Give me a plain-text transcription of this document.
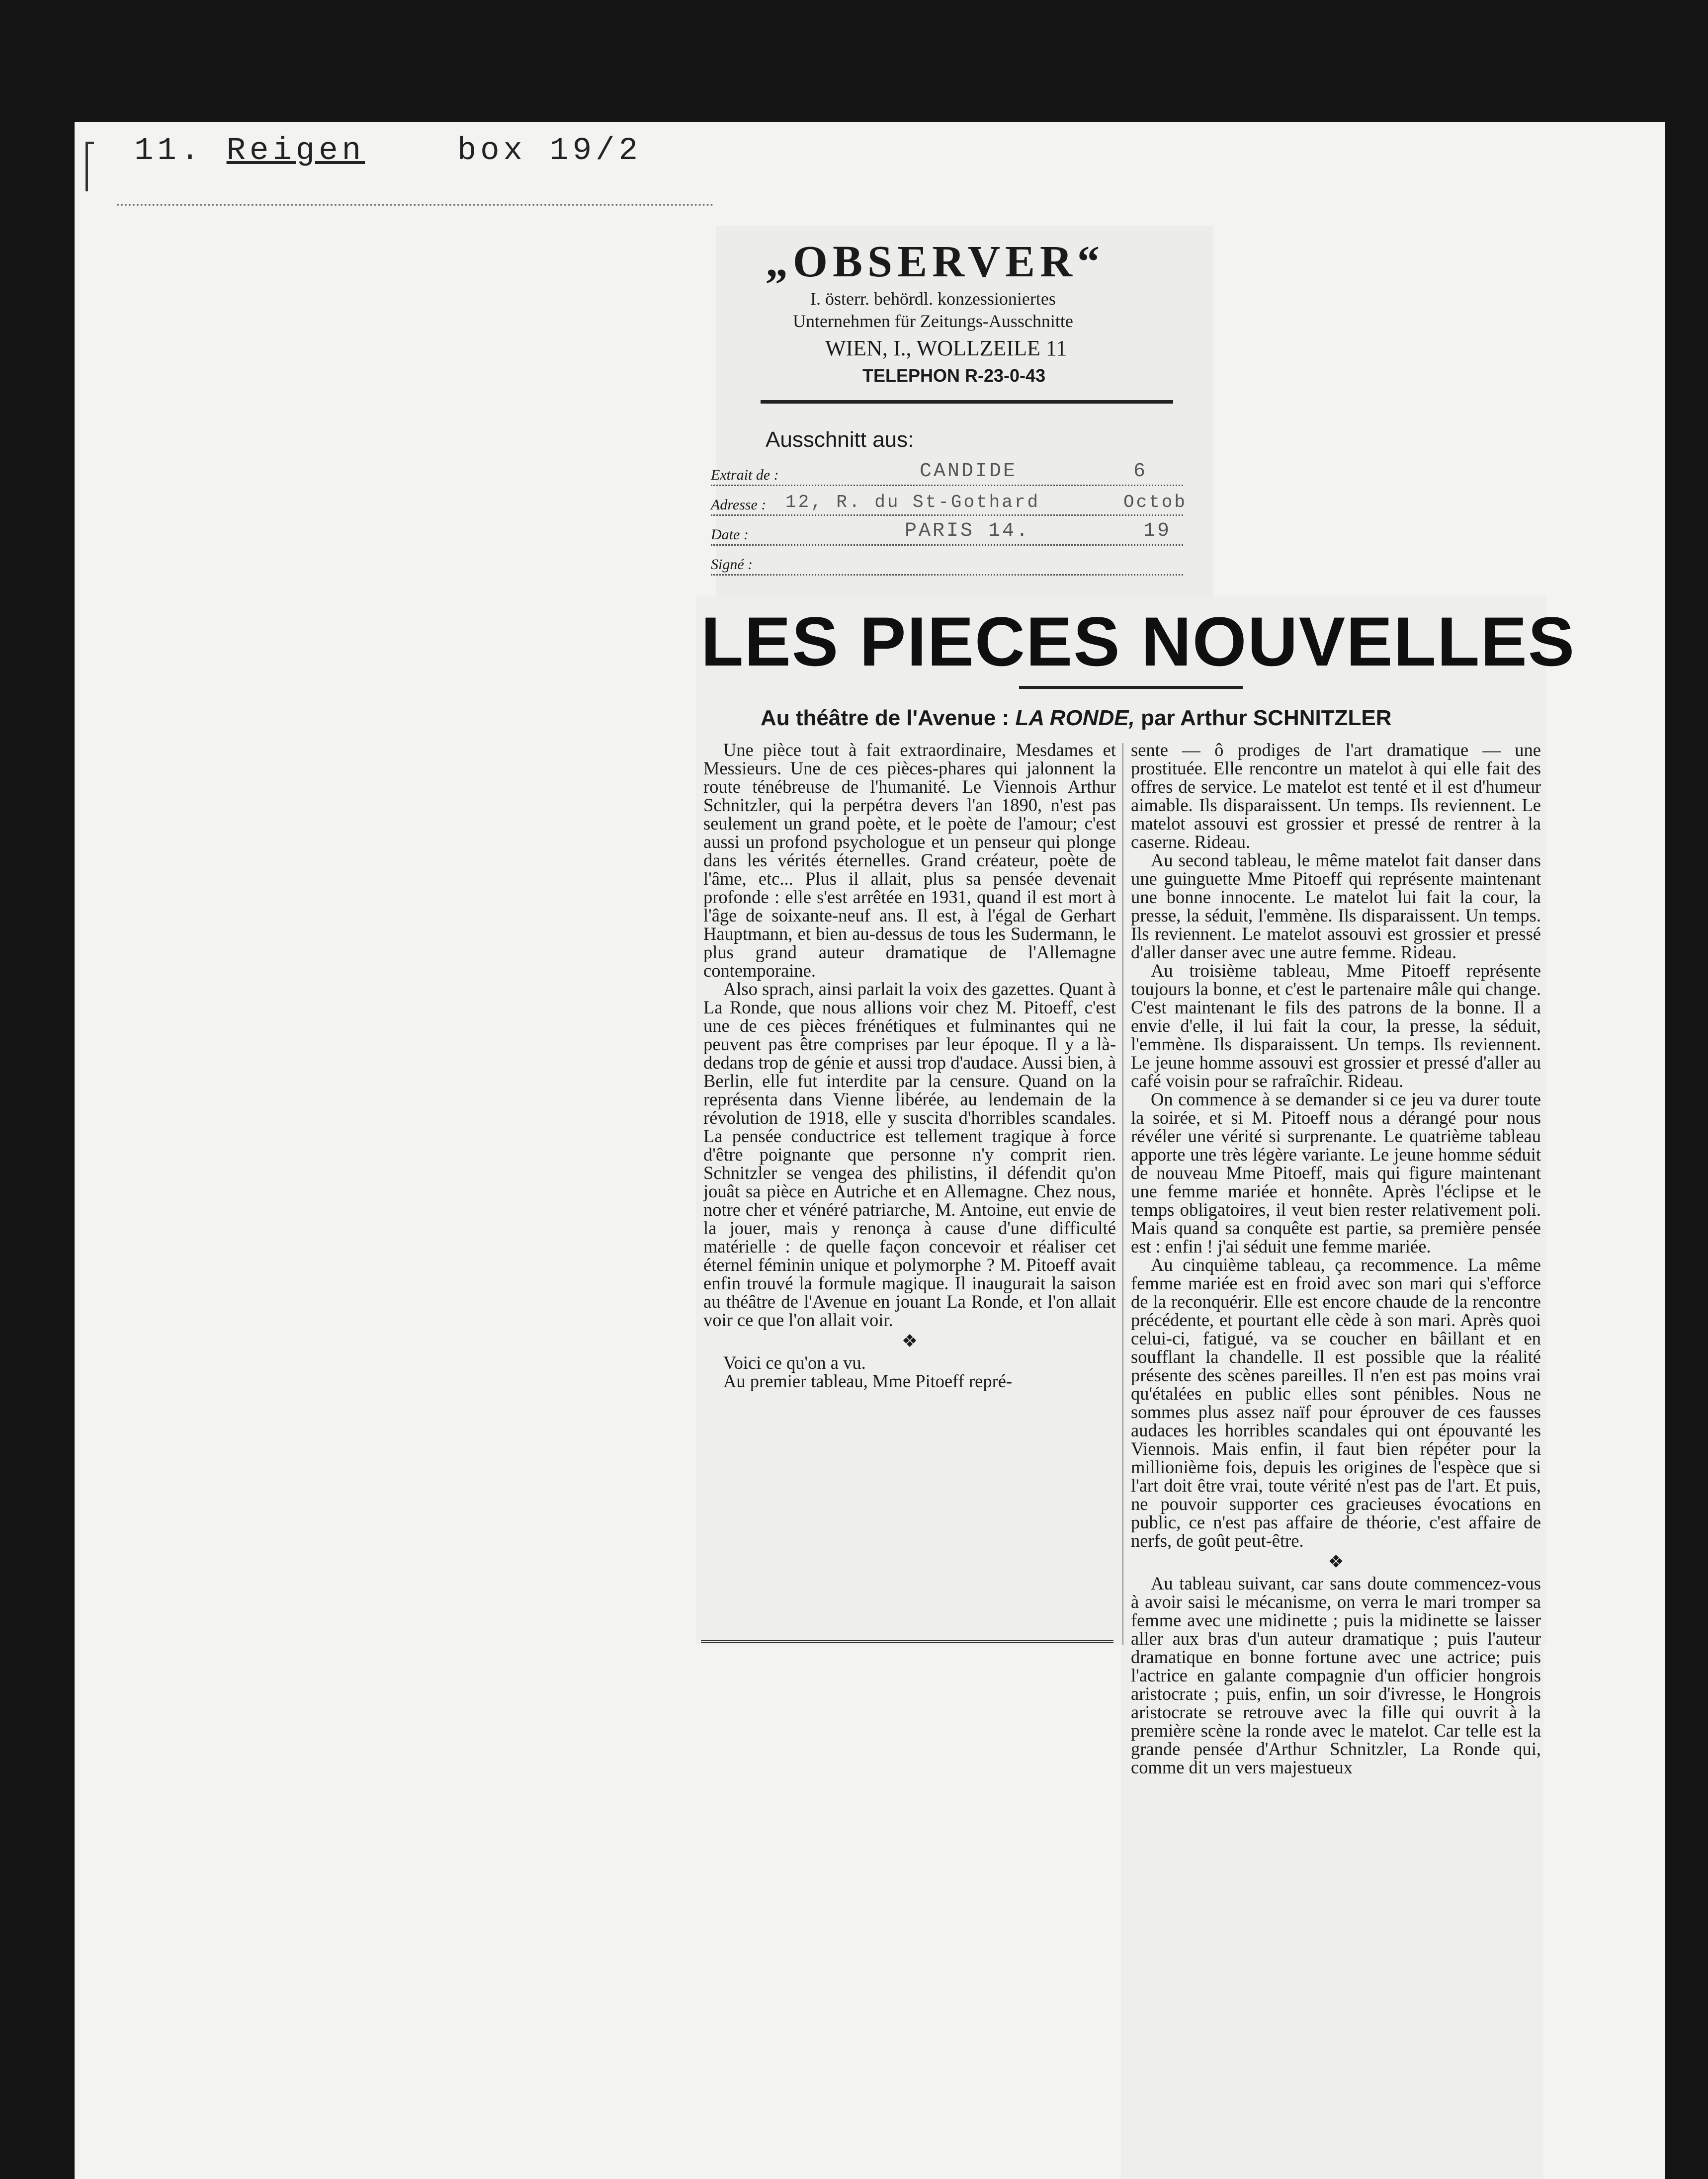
11. Reigen	box 19/2
„OBSERVER“
I. österr. behördl. konzessioniertes
Unternehmen für Zeitungs-Ausschnitte
WIEN, I., WOLLZEILE 11
TELEPHON R-23-0-43
Ausschnitt aus:
Extrait de :	CANDIDE	6
Adresse : 12, R. du St-Gothard	Octob
Date :	PARIS 14.	19
Signé :
LES PIECES NOUVELLES
Au théâtre de l'Avenue : LA RONDE, par Arthur SCHNITZLER

Une pièce tout à fait extraordinaire, Mesdames et Messieurs. Une de ces pièces-phares qui jalonnent la route ténébreuse de l'humanité. Le Viennois Arthur Schnitzler, qui la perpétra devers l'an 1890, n'est pas seulement un grand poète, et le poète de l'amour; c'est aussi un profond psychologue et un penseur qui plonge dans les vérités éternelles. Grand créateur, poète de l'âme, etc... Plus il allait, plus sa pensée devenait profonde : elle s'est arrêtée en 1931, quand il est mort à l'âge de soixante-neuf ans. Il est, à l'égal de Gerhart Hauptmann, et bien au-dessus de tous les Sudermann, le plus grand auteur dramatique de l'Allemagne contemporaine.

Also sprach, ainsi parlait la voix des gazettes. Quant à La Ronde, que nous allions voir chez M. Pitoeff, c'est une de ces pièces frénétiques et fulminantes qui ne peuvent pas être comprises par leur époque. Il y a là-dedans trop de génie et aussi trop d'audace. Aussi bien, à Berlin, elle fut interdite par la censure. Quand on la représenta dans Vienne libérée, au lendemain de la révolution de 1918, elle y suscita d'horribles scandales. La pensée conductrice est tellement tragique à force d'être poignante que personne n'y comprit rien. Schnitzler se vengea des philistins, il défendit qu'on jouât sa pièce en Autriche et en Allemagne. Chez nous, notre cher et vénéré patriarche, M. Antoine, eut envie de la jouer, mais y renonça à cause d'une difficulté matérielle : de quelle façon concevoir et réaliser cet éternel féminin unique et polymorphe ? M. Pitoeff avait enfin trouvé la formule magique. Il inaugurait la saison au théâtre de l'Avenue en jouant La Ronde, et l'on allait voir ce que l'on allait voir.

❖

Voici ce qu'on a vu.

Au premier tableau, Mme Pitoeff repré-

sente — ô prodiges de l'art dramatique — une prostituée. Elle rencontre un matelot à qui elle fait des offres de service. Le matelot est tenté et il est d'humeur aimable. Ils disparaissent. Un temps. Ils reviennent. Le matelot assouvi est grossier et pressé de rentrer à la caserne. Rideau.

Au second tableau, le même matelot fait danser dans une guinguette Mme Pitoeff qui représente maintenant une bonne innocente. Le matelot lui fait la cour, la presse, la séduit, l'emmène. Ils disparaissent. Un temps. Ils reviennent. Le matelot assouvi est grossier et pressé d'aller danser avec une autre femme. Rideau.

Au troisième tableau, Mme Pitoeff représente toujours la bonne, et c'est le partenaire mâle qui change. C'est maintenant le fils des patrons de la bonne. Il a envie d'elle, il lui fait la cour, la presse, la séduit, l'emmène. Ils disparaissent. Un temps. Ils reviennent. Le jeune homme assouvi est grossier et pressé d'aller au café voisin pour se rafraîchir. Rideau.

On commence à se demander si ce jeu va durer toute la soirée, et si M. Pitoeff nous a dérangé pour nous révéler une vérité si surprenante. Le quatrième tableau apporte une très légère variante. Le jeune homme séduit de nouveau Mme Pitoeff, mais qui figure maintenant une femme mariée et honnête. Après l'éclipse et le temps obligatoires, il veut bien rester relativement poli. Mais quand sa conquête est partie, sa première pensée est : enfin ! j'ai séduit une femme mariée.

Au cinquième tableau, ça recommence. La même femme mariée est en froid avec son mari qui s'efforce de la reconquérir. Elle est encore chaude de la rencontre précédente, et pourtant elle cède à son mari. Après quoi celui-ci, fatigué, va se coucher en bâillant et en soufflant la chandelle. Il est possible que la réalité présente des scènes pareilles. Il n'en est pas moins vrai qu'étalées en public elles sont pénibles. Nous ne sommes plus assez naïf pour éprouver de ces fausses audaces les horribles scandales qui ont épouvanté les Viennois. Mais enfin, il faut bien répéter pour la millionième fois, depuis les origines de l'espèce que si l'art doit être vrai, toute vérité n'est pas de l'art. Et puis, ne pouvoir supporter ces gracieuses évocations en public, ce n'est pas affaire de théorie, c'est affaire de nerfs, de goût peut-être.

❖

Au tableau suivant, car sans doute commencez-vous à avoir saisi le mécanisme, on verra le mari tromper sa femme avec une midinette ; puis la midinette se laisser aller aux bras d'un auteur dramatique ; puis l'auteur dramatique en bonne fortune avec une actrice; puis l'actrice en galante compagnie d'un officier hongrois aristocrate ; puis, enfin, un soir d'ivresse, le Hongrois aristocrate se retrouve avec la fille qui ouvrit à la première scène la ronde avec le matelot. Car telle est la grande pensée d'Arthur Schnitzler, La Ronde qui, comme dit un vers majestueux
